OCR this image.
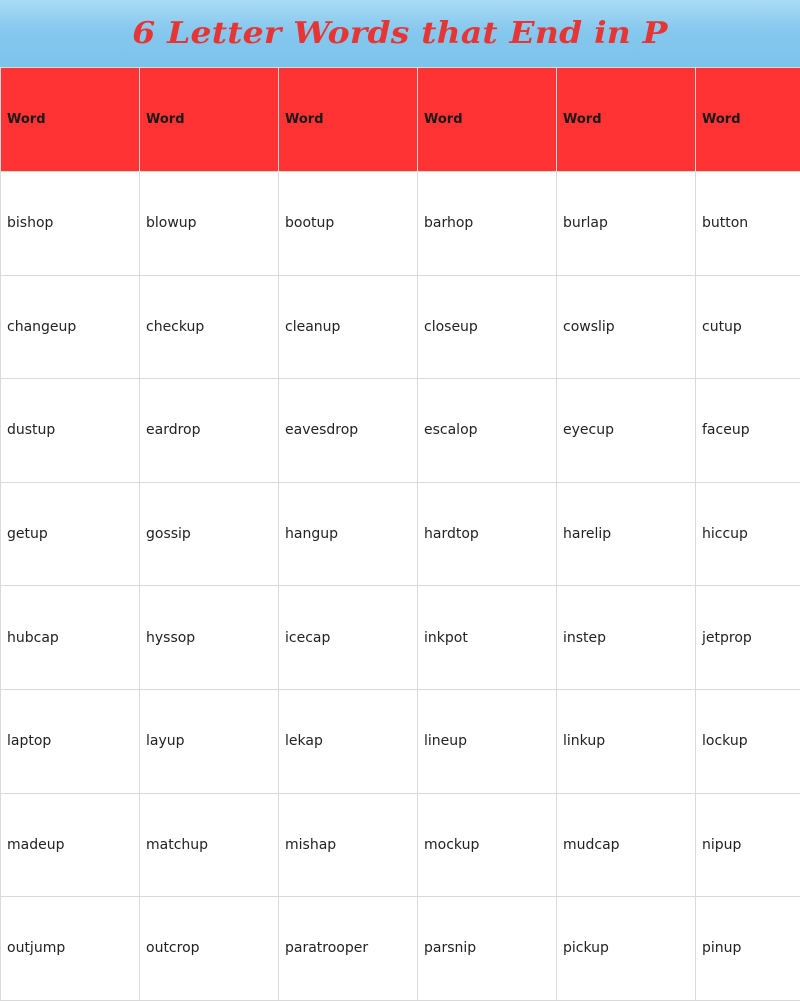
6 Letter Words that End in P
Word	Word	Word	Word	Word	Word
bishop	blowup	bootup	barhop	burlap	button
changeup	checkup	cleanup	closeup	cowslip	cutup
dustup	eardrop	eavesdrop	escalop	eyecup	faceup
getup	gossip	hangup	hardtop	harelip	hiccup
hubcap	hyssop	icecap	inkpot	instep	jetprop
laptop	layup	lekap	lineup	linkup	lockup
madeup	matchup	mishap	mockup	mudcap	nipup
outjump	outcrop	paratrooper	parsnip	pickup	pinup
